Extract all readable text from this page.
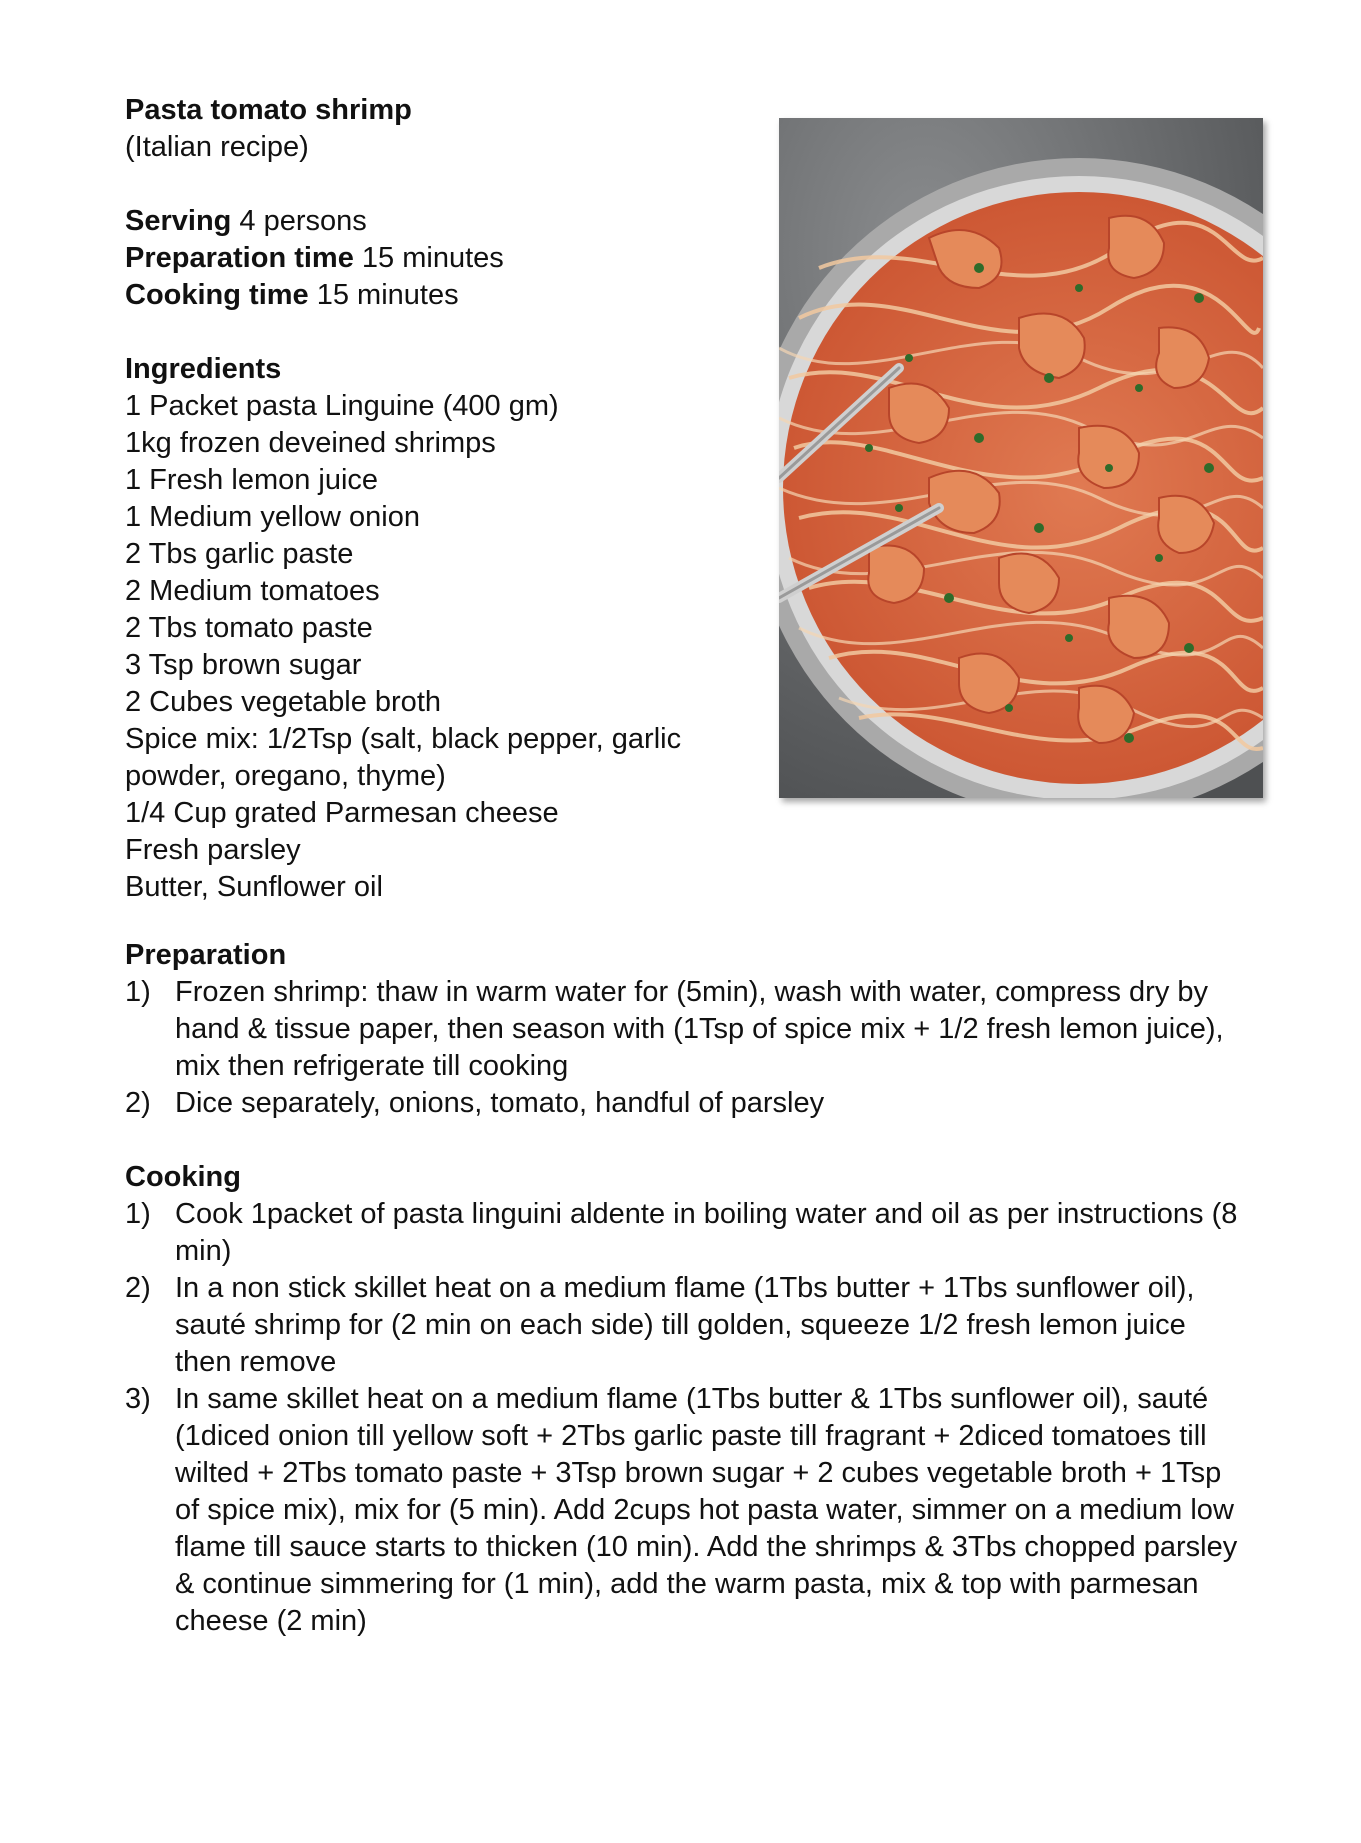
Pasta tomato shrimp
(Italian recipe)
Serving 4 persons
Preparation time 15 minutes
Cooking time 15 minutes
Ingredients
1 Packet pasta Linguine (400 gm)
1kg frozen deveined shrimps
1 Fresh lemon juice
1 Medium yellow onion
2 Tbs garlic paste
2 Medium tomatoes
2 Tbs tomato paste
3 Tsp brown sugar
2 Cubes vegetable broth
Spice mix: 1/2Tsp (salt, black pepper, garlic powder, oregano, thyme)
1/4 Cup grated Parmesan cheese
Fresh parsley
Butter, Sunflower oil
Preparation
1) Frozen shrimp: thaw in warm water for (5min), wash with water, compress dry by hand & tissue paper, then season with (1Tsp of spice mix + 1/2 fresh lemon juice), mix then refrigerate till cooking
2) Dice separately, onions, tomato, handful of parsley
Cooking
1) Cook 1packet of pasta linguini aldente in boiling water and oil as per instructions (8 min)
2) In a non stick skillet heat on a medium flame (1Tbs butter + 1Tbs sunflower oil), sauté shrimp for (2 min on each side) till golden, squeeze 1/2 fresh lemon juice then remove
3) In same skillet heat on a medium flame (1Tbs butter & 1Tbs sunflower oil), sauté (1diced onion till yellow soft + 2Tbs garlic paste till fragrant + 2diced tomatoes till wilted + 2Tbs tomato paste + 3Tsp brown sugar + 2 cubes vegetable broth + 1Tsp of spice mix), mix for (5 min). Add 2cups hot pasta water, simmer on a medium low flame till sauce starts to thicken (10 min). Add the shrimps & 3Tbs chopped parsley & continue simmering for (1 min), add the warm pasta, mix & top with parmesan cheese (2 min)
